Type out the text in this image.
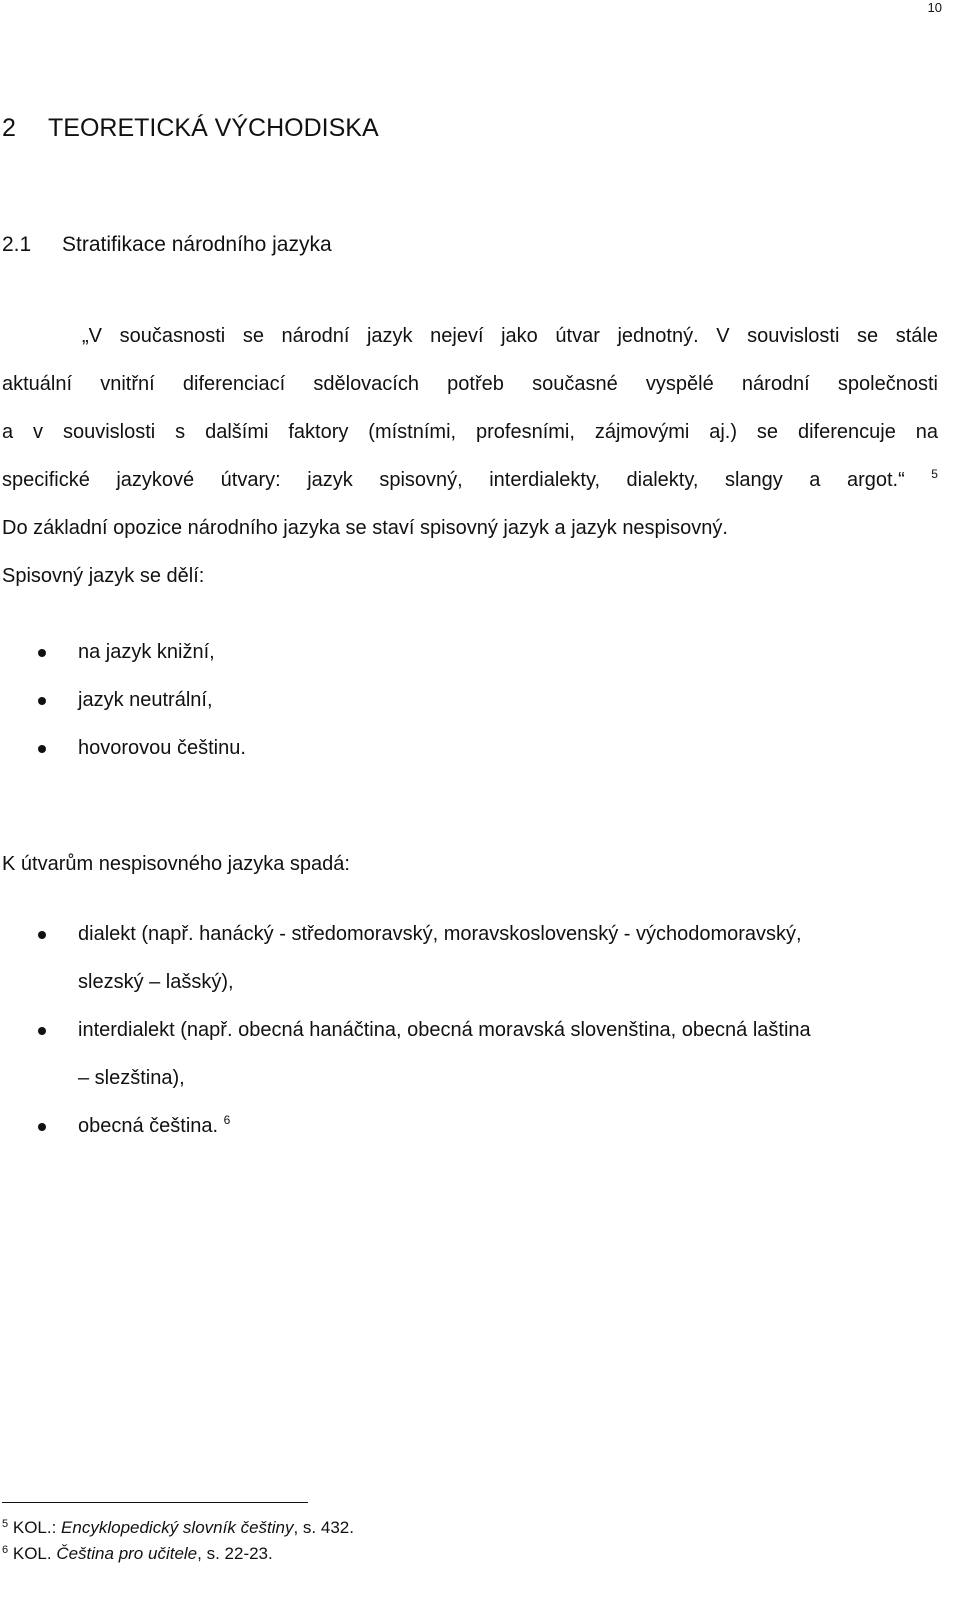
10
2 TEORETICKÁ VÝCHODISKA
2.1 Stratifikace národního jazyka
„V současnosti se národní jazyk nejeví jako útvar jednotný. V souvislosti se stále
aktuální vnitřní diferenciací sdělovacích potřeb současné vyspělé národní společnosti
a v souvislosti s dalšími faktory (místními, profesními, zájmovými aj.) se diferencuje na
specifické jazykové útvary: jazyk spisovný, interdialekty, dialekty, slangy a argot.“ $^5$
Do základní opozice národního jazyka se staví spisovný jazyk a jazyk nespisovný.
Spisovný jazyk se dělí:
na jazyk knižní,
jazyk neutrální,
hovorovou češtinu.
K útvarům nespisovného jazyka spadá:
dialekt (např. hanácký - středomoravský, moravskoslovenský - východomoravský,
slezský – lašský),
interdialekt (např. obecná hanáčtina, obecná moravská slovenština, obecná laština
– slezština),
obecná čeština. $^6$
$^5$ KOL.: Encyklopedický slovník češtiny, s. 432.
$^6$ KOL. Čeština pro učitele, s. 22-23.
